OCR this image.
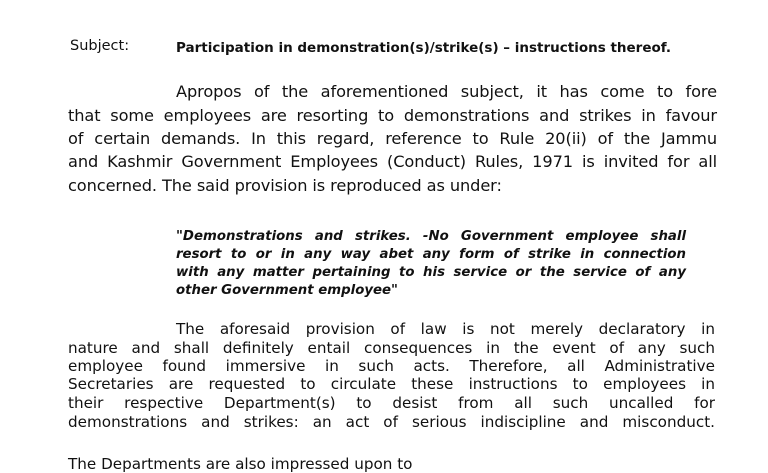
Subject:	Participation in demonstration(s)/strike(s) – instructions thereof.
Apropos of the aforementioned subject, it has come to fore
that some employees are resorting to demonstrations and strikes in favour
of certain demands. In this regard, reference to Rule 20(ii) of the Jammu
and Kashmir Government Employees (Conduct) Rules, 1971 is invited for all
concerned. The said provision is reproduced as under:
"Demonstrations and strikes. -No Government employee shall
resort to or in any way abet any form of strike in connection
with any matter pertaining to his service or the service of any
other Government employee"
The aforesaid provision of law is not merely declaratory in
nature and shall definitely entail consequences in the event of any such
employee found immersive in such acts. Therefore, all Administrative
Secretaries are requested to circulate these instructions to employees in
their respective Department(s) to desist from all such uncalled for
demonstrations and strikes: an act of serious indiscipline and misconduct.
The Departments are also impressed upon to
